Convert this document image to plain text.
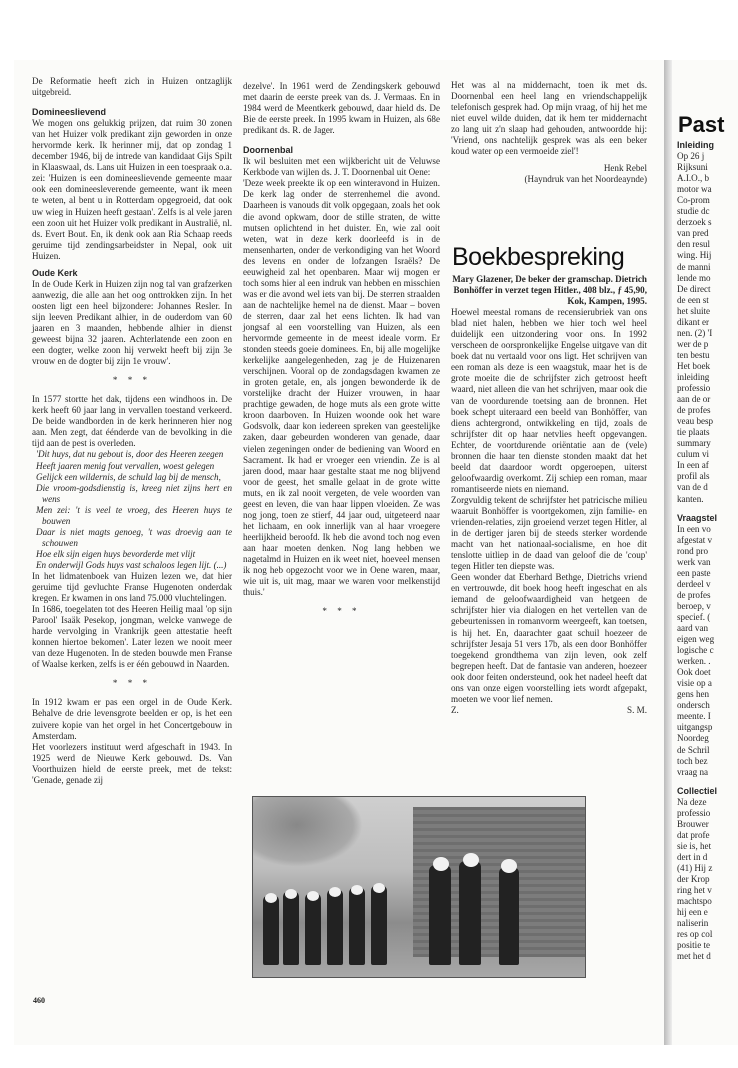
De Reformatie heeft zich in Huizen ontzaglijk uitgebreid.

Domineeslievend

We mogen ons gelukkig prijzen, dat ruim 30 zonen van het Huizer volk predikant zijn geworden in onze hervormde kerk. Ik herinner mij, dat op zondag 1 december 1946, bij de intrede van kandidaat Gijs Spilt in Klaaswaal, ds. Lans uit Huizen in een toespraak o.a. zei: 'Huizen is een domineeslievende gemeente maar ook een domineesleverende gemeente, want ik meen te weten, al bent u in Rotterdam opgegroeid, dat ook uw wieg in Huizen heeft gestaan'. Zelfs is al vele jaren een zoon uit het Huizer volk predikant in Australië, nl. ds. Evert Bout. En, ik denk ook aan Ria Schaap reeds geruime tijd zendingsarbeidster in Nepal, ook uit Huizen.

Oude Kerk

In de Oude Kerk in Huizen zijn nog tal van grafzerken aanwezig, die alle aan het oog onttrokken zijn. In het oosten ligt een heel bijzondere: Johannes Resler. In sijn leeven Predikant alhier, in de ouderdom van 60 jaaren en 3 maanden, hebbende alhier in dienst geweest bijna 32 jaaren. Achterlatende een zoon en een dogter, welke zoon hij verwekt heeft bij zijn 3e vrouw en de dogter bij zijn 1e vrouw'.

* * *

In 1577 stortte het dak, tijdens een windhoos in. De kerk heeft 60 jaar lang in vervallen toestand verkeerd. De beide wandborden in de kerk herinneren hier nog aan. Men zegt, dat éénderde van de bevolking in die tijd aan de pest is overleden.

'Dit huys, dat nu gebout is, door des Heeren zeegen

Heeft jaaren menig fout vervallen, woest gelegen

Gelijck een wildernis, de schuld lag bij de mensch,

Die vroom-godsdienstig is, kreeg niet zijns hert en wens

Men zei: 't is veel te vroeg, des Heeren huys te bouwen

Daar is niet magts genoeg, 't was droevig aan te schouwen

Hoe elk sijn eigen huys bevorderde met vlijt

En onderwijl Gods huys vast schaloos legen lijt. (...)

In het lidmatenboek van Huizen lezen we, dat hier geruime tijd gevluchte Franse Hugenoten onderdak kregen. Er kwamen in ons land 75.000 vluchtelingen.

In 1686, toegelaten tot des Heeren Heilig maal 'op sijn Parool' Isaäk Pesekop, jongman, welcke vanwege de harde vervolging in Vrankrijk geen attestatie heeft konnen hiertoe bekomen'. Later lezen we nooit meer van deze Hugenoten. In de steden bouwde men Franse of Waalse kerken, zelfs is er één gebouwd in Naarden.

* * *

In 1912 kwam er pas een orgel in de Oude Kerk. Behalve de drie levensgrote beelden er op, is het een zuivere kopie van het orgel in het Concertgebouw in Amsterdam.

Het voorlezers instituut werd afgeschaft in 1943. In 1925 werd de Nieuwe Kerk gebouwd. Ds. Van Voorthuizen hield de eerste preek, met de tekst: 'Genade, genade zij

dezelve'. In 1961 werd de Zendingskerk gebouwd met daarin de eerste preek van ds. J. Vermaas. En in 1984 werd de Meentkerk gebouwd, daar hield ds. De Bie de eerste preek. In 1995 kwam in Huizen, als 68e predikant ds. R. de Jager.

Doornenbal

Ik wil besluiten met een wijkbericht uit de Veluwse Kerkbode van wijlen ds. J. T. Doornenbal uit Oene:

'Deze week preekte ik op een winteravond in Huizen. De kerk lag onder de sterrenhemel die avond. Daarheen is vanouds dit volk opgegaan, zoals het ook die avond opkwam, door de stille straten, de witte mutsen oplichtend in het duister. En, wie zal ooit weten, wat in deze kerk doorleefd is in de mensenharten, onder de verkondiging van het Woord des levens en onder de lofzangen Israëls? De eeuwigheid zal het openbaren. Maar wij mogen er toch soms hier al een indruk van hebben en misschien was er die avond wel iets van bij. De sterren straalden aan de nachtelijke hemel na de dienst. Maar – boven de sterren, daar zal het eens lichten. Ik had van jongsaf al een voorstelling van Huizen, als een hervormde gemeente in de meest ideale vorm. Er stonden steeds goeie dominees. En, bij alle mogelijke kerkelijke aangelegenheden, zag je de Huizenaren verschijnen. Vooral op de zondagsdagen kwamen ze in groten getale, en, als jongen bewonderde ik de vorstelijke dracht der Huizer vrouwen, in haar prachtige gewaden, de hoge muts als een grote witte kroon daarboven. In Huizen woonde ook het ware Godsvolk, daar kon iedereen spreken van geestelijke zaken, daar gebeurden wonderen van genade, daar vielen zegeningen onder de bediening van Woord en Sacrament. Ik had er vroeger een vriendin. Ze is al jaren dood, maar haar gestalte staat me nog blijvend voor de geest, het smalle gelaat in de grote witte muts, en ik zal nooit vergeten, de vele woorden van geest en leven, die van haar lippen vloeiden. Ze was nog jong, toen ze stierf, 44 jaar oud, uitgeteerd naar het lichaam, en ook innerlijk van al haar vroegere heerlijkheid beroofd. Ik heb die avond toch nog even aan haar moeten denken. Nog lang hebben we nagetalmd in Huizen en ik weet niet, hoeveel mensen ik nog heb opgezocht voor we in Oene waren, maar, wie uit is, uit mag, maar we waren voor melkenstijd thuis.'

* * *

Het was al na middernacht, toen ik met ds. Doornenbal een heel lang en vriendschappelijk telefonisch gesprek had. Op mijn vraag, of hij het me niet euvel wilde duiden, dat ik hem ter middernacht zo lang uit z'n slaap had gehouden, antwoordde hij: 'Vriend, ons nachtelijk gesprek was als een beker koud water op een vermoeide ziel'!

Henk Rebel

(Hayndruk van het Noordeaynde)

Boekbespreking

Mary Glazener, De beker der gramschap. Dietrich Bonhöffer in verzet tegen Hitler., 408 blz., ƒ 45,90, Kok, Kampen, 1995.

Hoewel meestal romans de recensierubriek van ons blad niet halen, hebben we hier toch wel heel duidelijk een uitzondering voor ons. In 1992 verscheen de oorspronkelijke Engelse uitgave van dit boek dat nu vertaald voor ons ligt. Het schrijven van een roman als deze is een waagstuk, maar het is de grote moeite die de schrijfster zich getroost heeft waard, niet alleen die van het schrijven, maar ook die van de voordurende toetsing aan de bronnen. Het boek schept uiteraard een beeld van Bonhöffer, van diens achtergrond, ontwikkeling en tijd, zoals de schrijfster dit op haar netvlies heeft opgevangen. Echter, de voortdurende oriëntatie aan de (vele) bronnen die haar ten dienste stonden maakt dat het beeld dat daardoor wordt opgeroepen, uiterst geloofwaardig overkomt. Zij schiep een roman, maar romantiseerde niets en niemand.

Zorgvuldig tekent de schrijfster het patricische milieu waaruit Bonhöffer is voortgekomen, zijn familie- en vrienden-relaties, zijn groeiend verzet tegen Hitler, al in de dertiger jaren bij de steeds sterker wordende macht van het nationaal-socialisme, en hoe dit tenslotte uitliep in de daad van geloof die de 'coup' tegen Hitler ten diepste was.

Geen wonder dat Eberhard Bethge, Dietrichs vriend en vertrouwde, dit boek hoog heeft ingeschat en als iemand de geloofwaardigheid van hetgeen de schrijfster hier via dialogen en het vertellen van de gebeurtenissen in romanvorm weergeeft, kan toetsen, is hij het. En, daarachter gaat schuil hoezeer de schrijfster Jesaja 51 vers 17b, als een door Bonhöffer toegekend grondthema van zijn leven, ook zelf begrepen heeft. Dat de fantasie van anderen, hoezeer ook door feiten ondersteund, ook het nadeel heeft dat ons van onze eigen voorstelling iets wordt afgepakt, moeten we voor lief nemen.

Z.	S. M.

460
Past
Inleiding
Op 26 j
Rijksuni
A.I.O., b
motor wa
Co-prom
studie dc
derzoek s
van pred
den resul
wing. Hij
de manni
lende mo
De direct
de een st
het sluite
dikant er
nen. (2) 'I
wer de p
ten bestu
Het boek
inleiding
professio
aan de or
de profes
veau besp
tie plaats
summary
culum vi
In een af
profil als
van de d
kanten.
Vraagstel
In een vo
afgestat v
rond pro
werk van
een paste
derdeel v
de profes
beroep, v
specief. (
aard van
eigen weg
logische c
werken. .
Ook doet
visie op a
gens hen
ondersch
meente. I
uitgangsp
Noordeg
de Schril
toch bez
vraag na
Collectiel
Na deze
professio
Brouwer
dat profe
sie is, het
dert in d
(41) Hij z
der Krop
ring het v
machtspo
hij een e
naliserin
res op col
positie te
met het d
